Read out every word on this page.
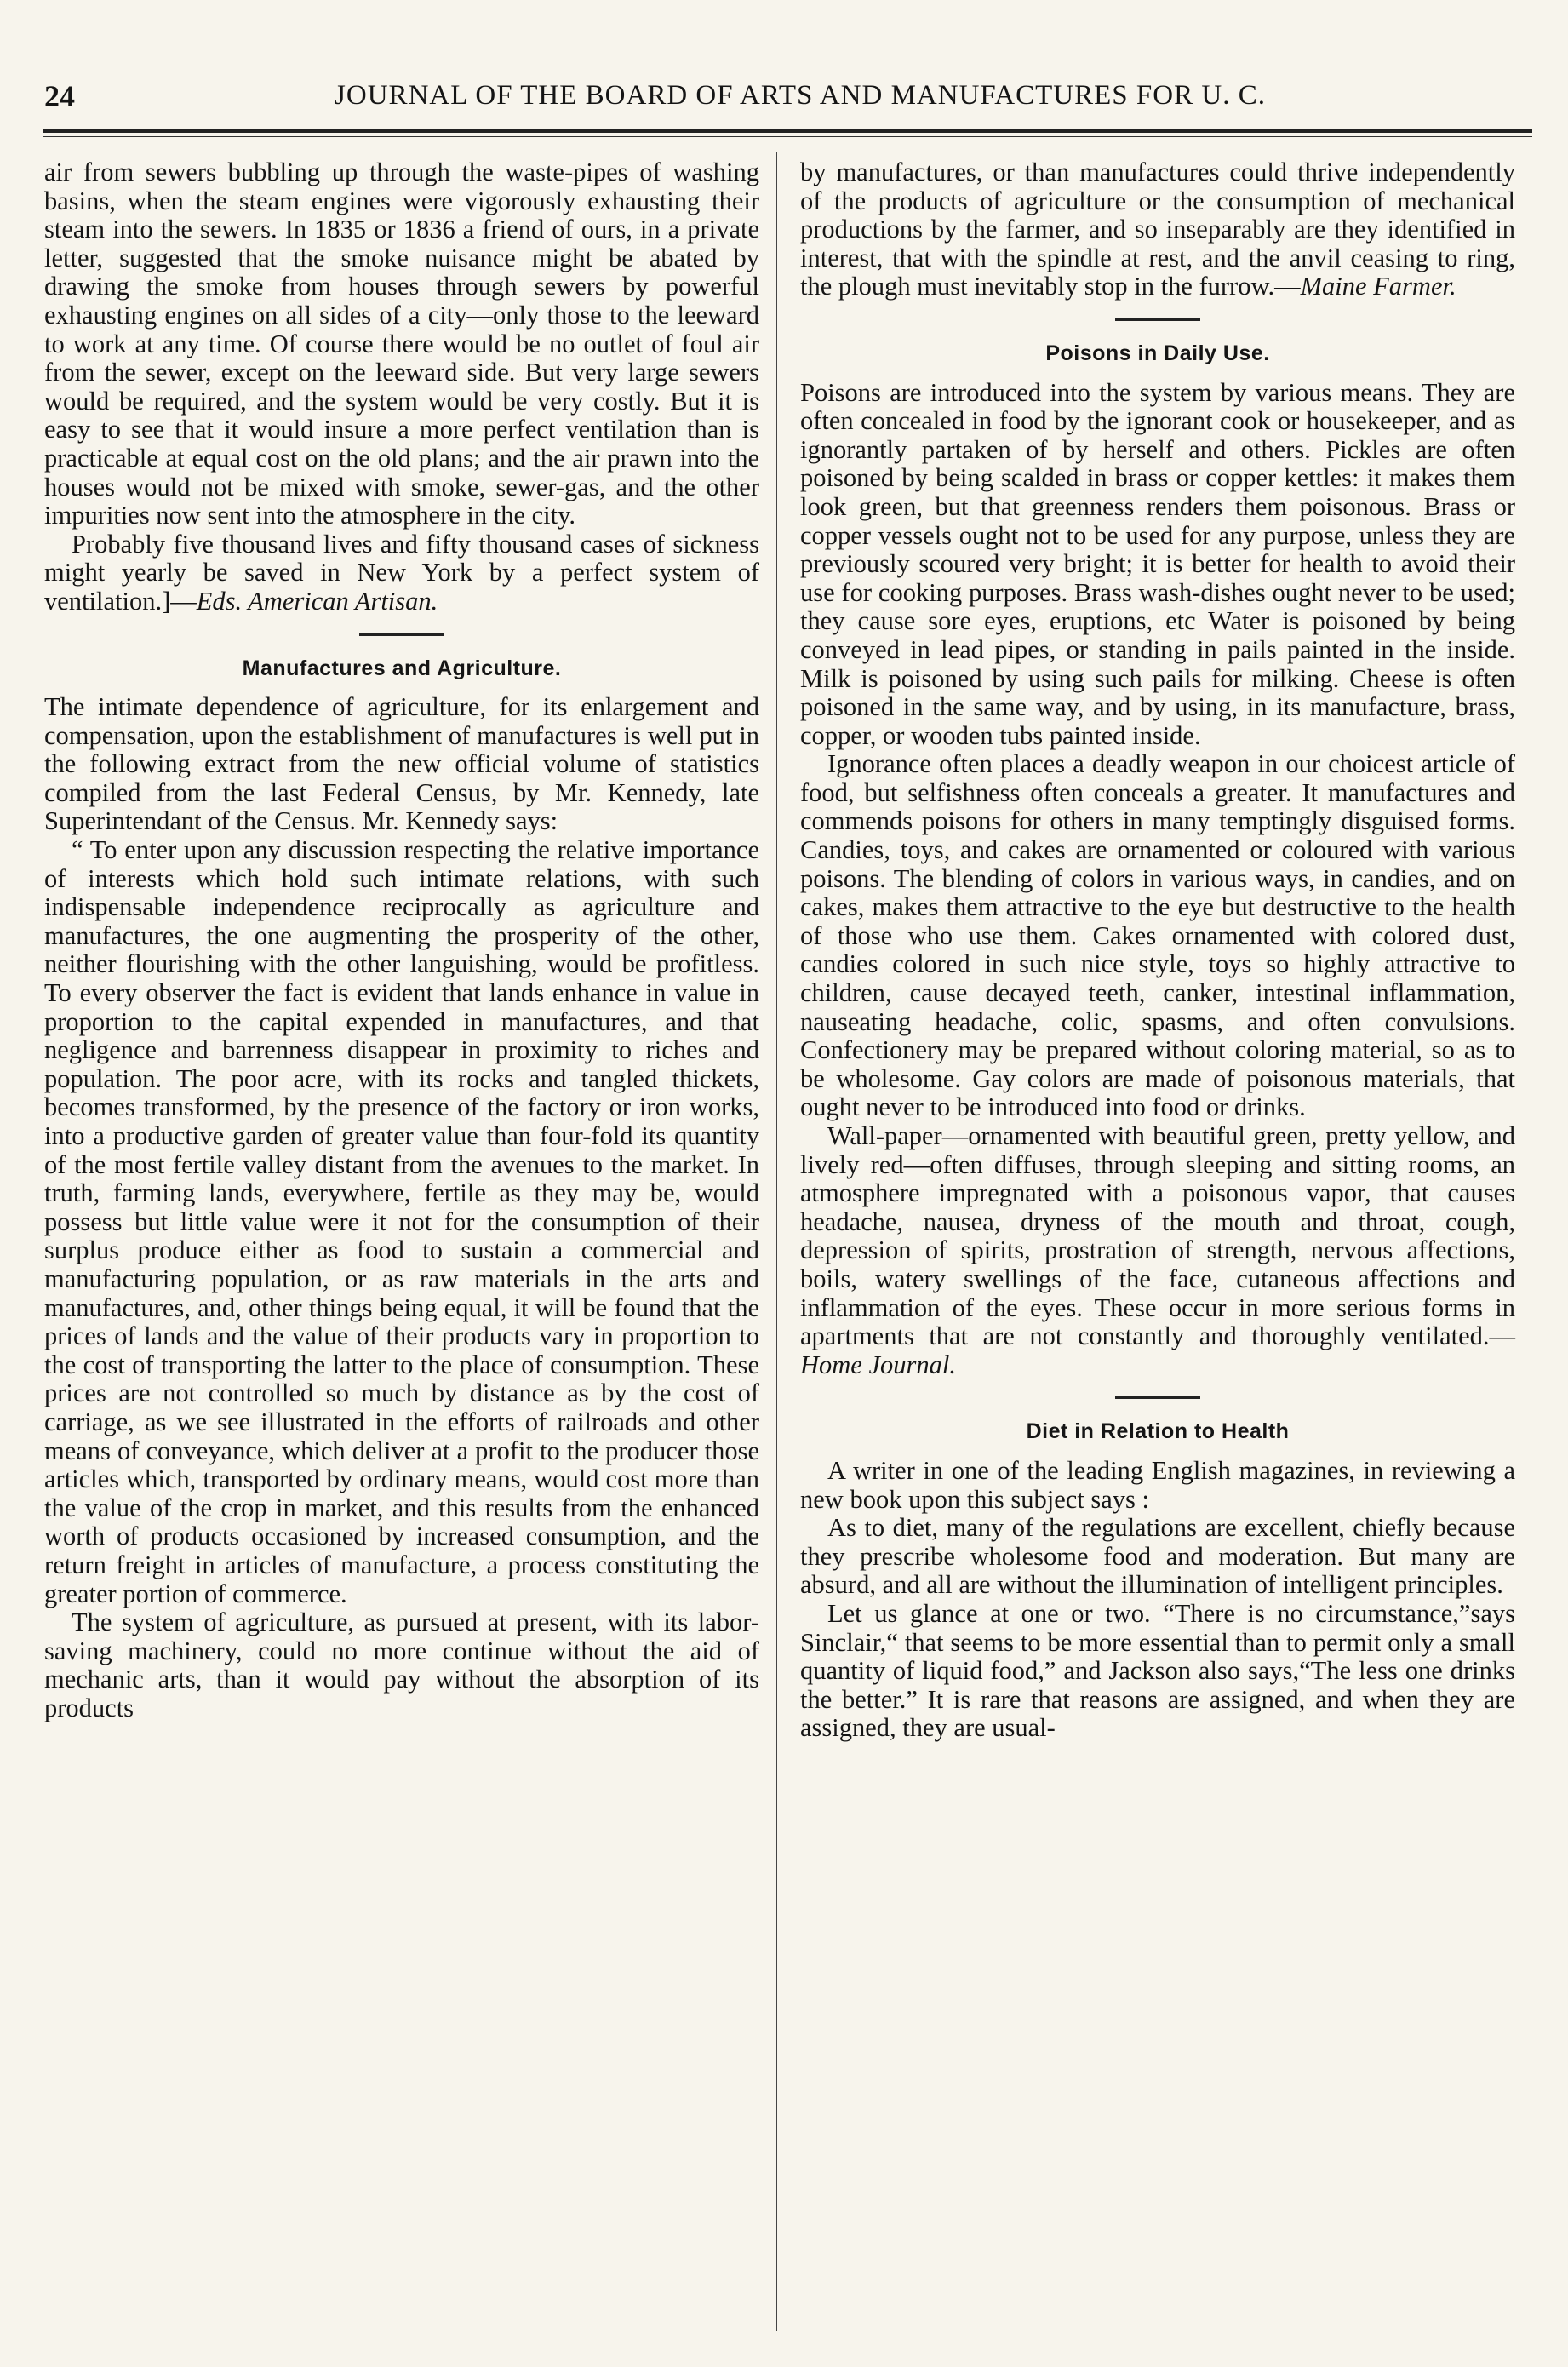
24	JOURNAL OF THE BOARD OF ARTS AND MANUFACTURES FOR U. C.

air from sewers bubbling up through the waste-pipes of washing basins, when the steam engines were vigorously exhausting their steam into the sewers. In 1835 or 1836 a friend of ours, in a private letter, suggested that the smoke nuisance might be abated by drawing the smoke from houses through sewers by powerful exhausting engines on all sides of a city—only those to the leeward to work at any time. Of course there would be no outlet of foul air from the sewer, except on the leeward side. But very large sewers would be required, and the system would be very costly. But it is easy to see that it would insure a more perfect ventilation than is practicable at equal cost on the old plans; and the air prawn into the houses would not be mixed with smoke, sewer-gas, and the other impurities now sent into the atmosphere in the city.

Probably five thousand lives and fifty thousand cases of sickness might yearly be saved in New York by a perfect system of ventilation.]—Eds. American Artisan.

Manufactures and Agriculture.

The intimate dependence of agriculture, for its enlargement and compensation, upon the establishment of manufactures is well put in the following extract from the new official volume of statistics compiled from the last Federal Census, by Mr. Kennedy, late Superintendant of the Census. Mr. Kennedy says:

“ To enter upon any discussion respecting the relative importance of interests which hold such intimate relations, with such indispensable independence reciprocally as agriculture and manufactures, the one augmenting the prosperity of the other, neither flourishing with the other languishing, would be profitless. To every observer the fact is evident that lands enhance in value in proportion to the capital expended in manufactures, and that negligence and barrenness disappear in proximity to riches and population. The poor acre, with its rocks and tangled thickets, becomes transformed, by the presence of the factory or iron works, into a productive garden of greater value than four-fold its quantity of the most fertile valley distant from the avenues to the market. In truth, farming lands, everywhere, fertile as they may be, would possess but little value were it not for the consumption of their surplus produce either as food to sustain a commercial and manufacturing population, or as raw materials in the arts and manufactures, and, other things being equal, it will be found that the prices of lands and the value of their products vary in proportion to the cost of transporting the latter to the place of consumption. These prices are not controlled so much by distance as by the cost of carriage, as we see illustrated in the efforts of railroads and other means of conveyance, which deliver at a profit to the producer those articles which, transported by ordinary means, would cost more than the value of the crop in market, and this results from the enhanced worth of products occasioned by increased consumption, and the return freight in articles of manufacture, a process constituting the greater portion of commerce.

The system of agriculture, as pursued at present, with its labor-saving machinery, could no more continue without the aid of mechanic arts, than it would pay without the absorption of its products

by manufactures, or than manufactures could thrive independently of the products of agriculture or the consumption of mechanical productions by the farmer, and so inseparably are they identified in interest, that with the spindle at rest, and the anvil ceasing to ring, the plough must inevitably stop in the furrow.—Maine Farmer.

Poisons in Daily Use.

Poisons are introduced into the system by various means. They are often concealed in food by the ignorant cook or housekeeper, and as ignorantly partaken of by herself and others. Pickles are often poisoned by being scalded in brass or copper kettles: it makes them look green, but that greenness renders them poisonous. Brass or copper vessels ought not to be used for any purpose, unless they are previously scoured very bright; it is better for health to avoid their use for cooking purposes. Brass wash-dishes ought never to be used; they cause sore eyes, eruptions, etc Water is poisoned by being conveyed in lead pipes, or standing in pails painted in the inside. Milk is poisoned by using such pails for milking. Cheese is often poisoned in the same way, and by using, in its manufacture, brass, copper, or wooden tubs painted inside.

Ignorance often places a deadly weapon in our choicest article of food, but selfishness often conceals a greater. It manufactures and commends poisons for others in many temptingly disguised forms. Candies, toys, and cakes are ornamented or coloured with various poisons. The blending of colors in various ways, in candies, and on cakes, makes them attractive to the eye but destructive to the health of those who use them. Cakes ornamented with colored dust, candies colored in such nice style, toys so highly attractive to children, cause decayed teeth, canker, intestinal inflammation, nauseating headache, colic, spasms, and often convulsions. Confectionery may be prepared without coloring material, so as to be wholesome. Gay colors are made of poisonous materials, that ought never to be introduced into food or drinks.

Wall-paper—ornamented with beautiful green, pretty yellow, and lively red—often diffuses, through sleeping and sitting rooms, an atmosphere impregnated with a poisonous vapor, that causes headache, nausea, dryness of the mouth and throat, cough, depression of spirits, prostration of strength, nervous affections, boils, watery swellings of the face, cutaneous affections and inflammation of the eyes. These occur in more serious forms in apartments that are not constantly and thoroughly ventilated.—Home Journal.

Diet in Relation to Health

A writer in one of the leading English magazines, in reviewing a new book upon this subject says :

As to diet, many of the regulations are excellent, chiefly because they prescribe wholesome food and moderation. But many are absurd, and all are without the illumination of intelligent principles.

Let us glance at one or two. “There is no circumstance,”says Sinclair,“ that seems to be more essential than to permit only a small quantity of liquid food,” and Jackson also says,“The less one drinks the better.” It is rare that reasons are assigned, and when they are assigned, they are usual-
